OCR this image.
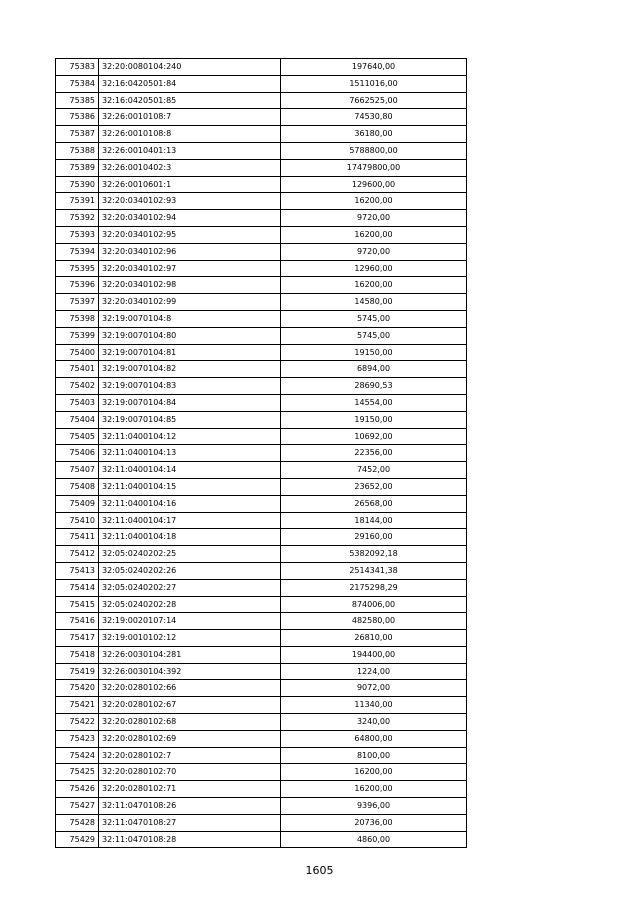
75383	32:20:0080104:240	197640,00
75384	32:16:0420501:84	1511016,00
75385	32:16:0420501:85	7662525,00
75386	32:26:0010108:7	74530,80
75387	32:26:0010108:8	36180,00
75388	32:26:0010401:13	5788800,00
75389	32:26:0010402:3	17479800,00
75390	32:26:0010601:1	129600,00
75391	32:20:0340102:93	16200,00
75392	32:20:0340102:94	9720,00
75393	32:20:0340102:95	16200,00
75394	32:20:0340102:96	9720,00
75395	32:20:0340102:97	12960,00
75396	32:20:0340102:98	16200,00
75397	32:20:0340102:99	14580,00
75398	32:19:0070104:8	5745,00
75399	32:19:0070104:80	5745,00
75400	32:19:0070104:81	19150,00
75401	32:19:0070104:82	6894,00
75402	32:19:0070104:83	28690,53
75403	32:19:0070104:84	14554,00
75404	32:19:0070104:85	19150,00
75405	32:11:0400104:12	10692,00
75406	32:11:0400104:13	22356,00
75407	32:11:0400104:14	7452,00
75408	32:11:0400104:15	23652,00
75409	32:11:0400104:16	26568,00
75410	32:11:0400104:17	18144,00
75411	32:11:0400104:18	29160,00
75412	32:05:0240202:25	5382092,18
75413	32:05:0240202:26	2514341,38
75414	32:05:0240202:27	2175298,29
75415	32:05:0240202:28	874006,00
75416	32:19:0020107:14	482580,00
75417	32:19:0010102:12	26810,00
75418	32:26:0030104:281	194400,00
75419	32:26:0030104:392	1224,00
75420	32:20:0280102:66	9072,00
75421	32:20:0280102:67	11340,00
75422	32:20:0280102:68	3240,00
75423	32:20:0280102:69	64800,00
75424	32:20:0280102:7	8100,00
75425	32:20:0280102:70	16200,00
75426	32:20:0280102:71	16200,00
75427	32:11:0470108:26	9396,00
75428	32:11:0470108:27	20736,00
75429	32:11:0470108:28	4860,00
1605
